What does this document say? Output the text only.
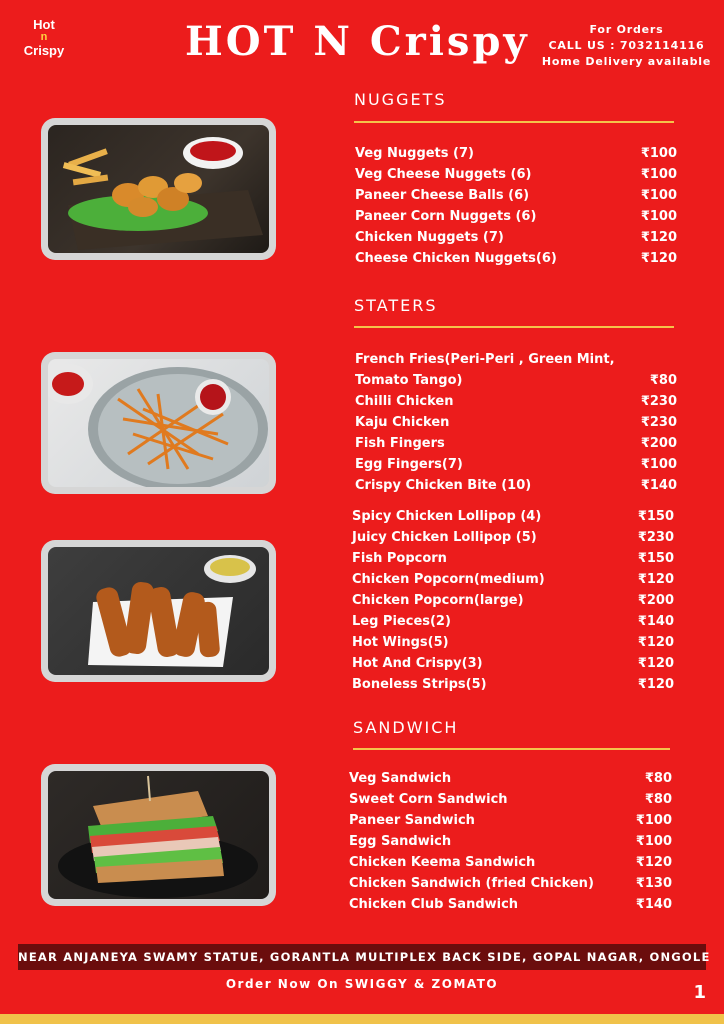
Hot
n
Crispy	HOT N Crispy	For Orders
CALL US : 7032114116
Home Delivery available
NUGGETS
Veg Nuggets (7)	₹100
Veg Cheese Nuggets (6)	₹100
Paneer Cheese Balls (6)	₹100
Paneer Corn Nuggets (6)	₹100
Chicken Nuggets (7)	₹120
Cheese Chicken Nuggets(6)	₹120
STATERS
French Fries(Peri-Peri , Green Mint,
Tomato Tango)	₹80
Chilli Chicken	₹230
Kaju Chicken	₹230
Fish Fingers	₹200
Egg Fingers(7)	₹100
Crispy Chicken Bite (10)	₹140
Spicy Chicken Lollipop (4)	₹150
Juicy Chicken Lollipop (5)	₹230
Fish Popcorn	₹150
Chicken Popcorn(medium)	₹120
Chicken Popcorn(large)	₹200
Leg Pieces(2)	₹140
Hot Wings(5)	₹120
Hot And Crispy(3)	₹120
Boneless Strips(5)	₹120
SANDWICH
Veg Sandwich	₹80
Sweet Corn Sandwich	₹80
Paneer Sandwich	₹100
Egg Sandwich	₹100
Chicken Keema Sandwich	₹120
Chicken Sandwich (fried Chicken)	₹130
Chicken Club Sandwich	₹140
NEAR ANJANEYA SWAMY STATUE, GORANTLA MULTIPLEX BACK SIDE, GOPAL NAGAR, ONGOLE
Order Now On SWIGGY & ZOMATO	1
